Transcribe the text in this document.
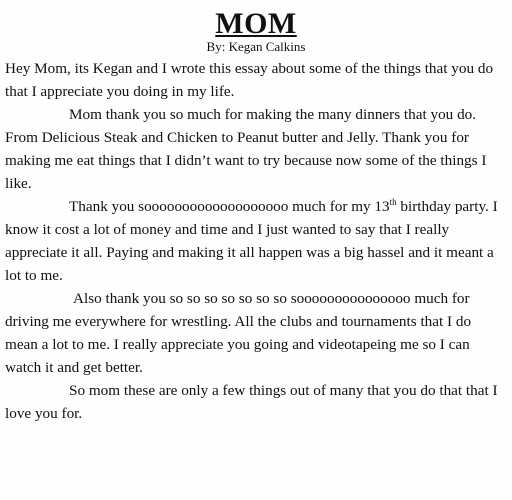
MOM
By: Kegan Calkins

Hey Mom, its Kegan and I wrote this essay about some of the things that you do that I appreciate you doing in my life.

Mom thank you so much for making the many dinners that you do. From Delicious Steak and Chicken to Peanut butter and Jelly. Thank you for making me eat things that I didn’t want to try because now some of the things I like.

Thank you sooooooooooooooooooo much for my 13th birthday party. I know it cost a lot of money and time and I just wanted to say that I really appreciate it all. Paying and making it all happen was a big hassel and it meant a lot to me.

Also thank you so so so so so so so sooooooooooooooo much for driving me everywhere for wrestling. All the clubs and tournaments that I do mean a lot to me. I really appreciate you going and videotapeing me so I can watch it and get better.

So mom these are only a few things out of many that you do that that I love you for.
